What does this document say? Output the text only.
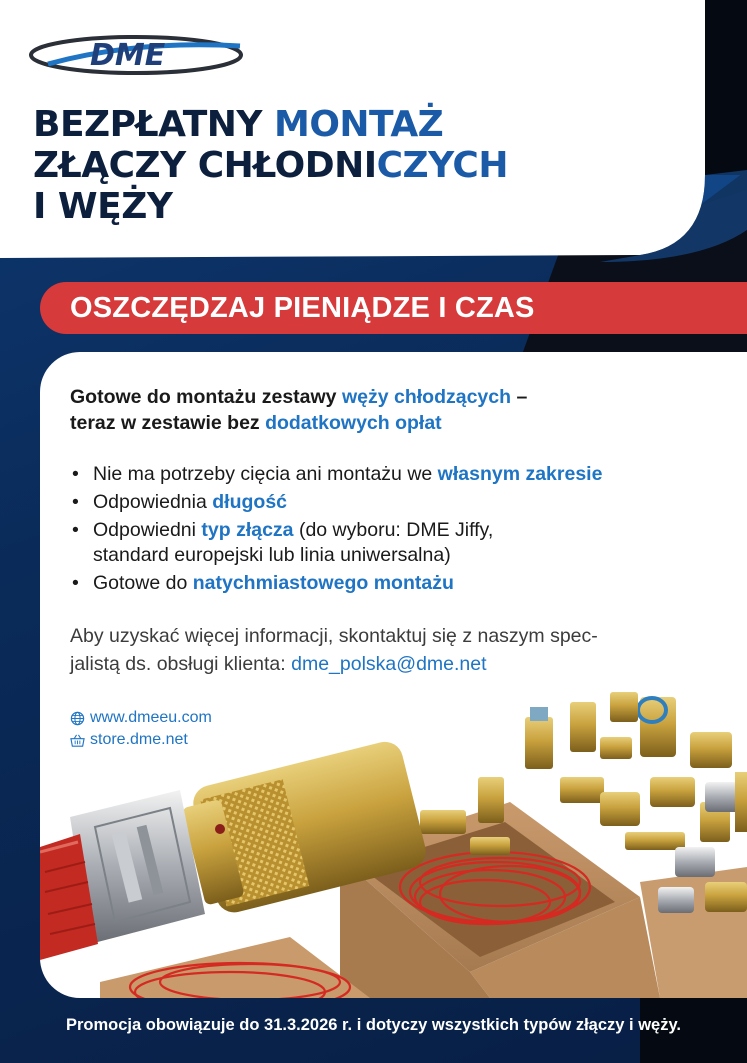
DME
BEZPŁATNY MONTAŻ
ZŁĄCZY CHŁODNICZYCH
I WĘŻY
OSZCZĘDZAJ PIENIĄDZE I CZAS

Gotowe do montażu zestawy węży chłodzących –
teraz w zestawie bez dodatkowych opłat

• Nie ma potrzeby cięcia ani montażu we własnym zakresie
• Odpowiednia długość
• Odpowiedni typ złącza (do wyboru: DME Jiffy,
standard europejski lub linia uniwersalna)
• Gotowe do natychmiastowego montażu

Aby uzyskać więcej informacji, skontaktuj się z naszym spec-
jalistą ds. obsługi klienta: dme_polska@dme.net

www.dmeeu.com
store.dme.net
Promocja obowiązuje do 31.3.2026 r. i dotyczy wszystkich typów złączy i węży.
